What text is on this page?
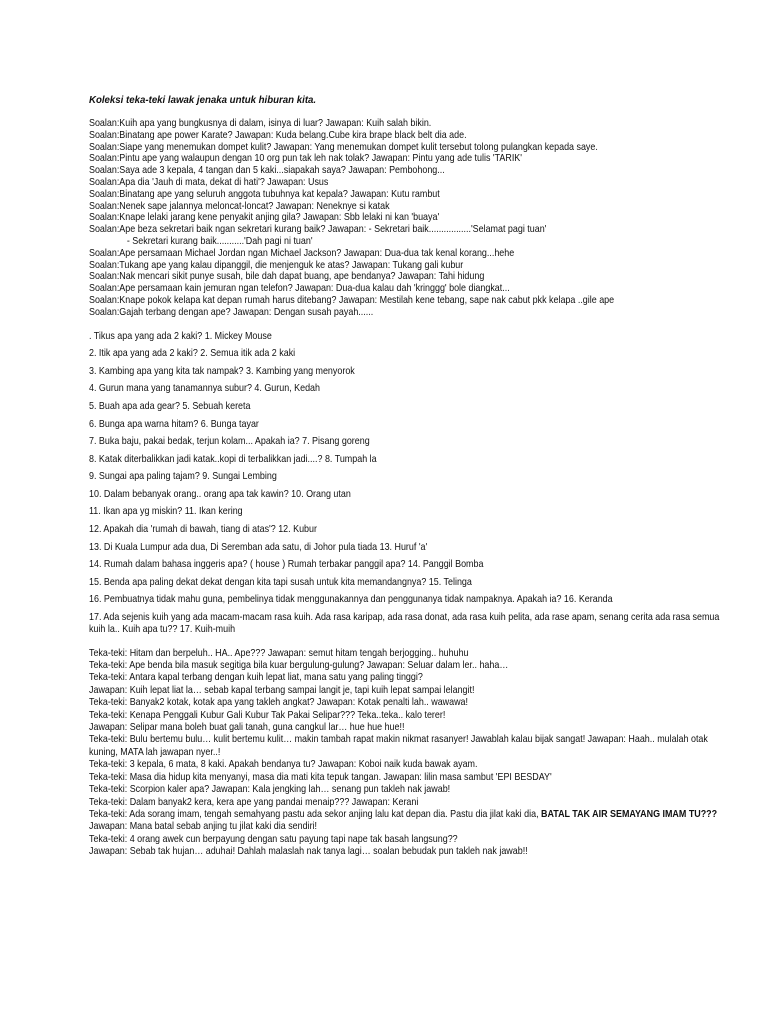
Koleksi teka-teki lawak jenaka untuk hiburan kita.
Soalan:Kuih apa yang bungkusnya di dalam, isinya di luar? Jawapan: Kuih salah bikin.
Soalan:Binatang ape power Karate? Jawapan: Kuda belang.Cube kira brape black belt dia ade.
Soalan:Siape yang menemukan dompet kulit? Jawapan: Yang menemukan dompet kulit tersebut tolong pulangkan kepada saye.
Soalan:Pintu ape yang walaupun dengan 10 org pun tak leh nak tolak? Jawapan: Pintu yang ade tulis 'TARIK'
Soalan:Saya ade 3 kepala, 4 tangan dan 5 kaki...siapakah saya? Jawapan: Pembohong...
Soalan:Apa dia 'Jauh di mata, dekat di hati'? Jawapan: Usus
Soalan:Binatang ape yang seluruh anggota tubuhnya kat kepala? Jawapan: Kutu rambut
Soalan:Nenek sape jalannya meloncat-loncat? Jawapan: Neneknye si katak
Soalan:Knape lelaki jarang kene penyakit anjing gila? Jawapan: Sbb lelaki ni kan 'buaya'
Soalan:Ape beza sekretari baik ngan sekretari kurang baik? Jawapan: - Sekretari baik.................'Selamat pagi tuan'
- Sekretari kurang baik...........'Dah pagi ni tuan'
Soalan:Ape persamaan Michael Jordan ngan Michael Jackson? Jawapan: Dua-dua tak kenal korang...hehe
Soalan:Tukang ape yang kalau dipanggil, die menjenguk ke atas? Jawapan: Tukang gali kubur
Soalan:Nak mencari sikit punye susah, bile dah dapat buang, ape bendanya? Jawapan: Tahi hidung
Soalan:Ape persamaan kain jemuran ngan telefon? Jawapan: Dua-dua kalau dah 'kringgg' bole diangkat...
Soalan:Knape pokok kelapa kat depan rumah harus ditebang? Jawapan: Mestilah kene tebang, sape nak cabut pkk kelapa ..gile ape
Soalan:Gajah terbang dengan ape? Jawapan: Dengan susah payah......
. Tikus apa yang ada 2 kaki? 1. Mickey Mouse
2. Itik apa yang ada 2 kaki? 2. Semua itik ada 2 kaki
3. Kambing apa yang kita tak nampak? 3. Kambing yang menyorok
4. Gurun mana yang tanamannya subur? 4. Gurun, Kedah
5. Buah apa ada gear? 5. Sebuah kereta
6. Bunga apa warna hitam? 6. Bunga tayar
7. Buka baju, pakai bedak, terjun kolam... Apakah ia? 7. Pisang goreng
8. Katak diterbalikkan jadi katak..kopi di terbalikkan jadi....? 8. Tumpah la
9. Sungai apa paling tajam? 9. Sungai Lembing
10. Dalam bebanyak orang.. orang apa tak kawin? 10. Orang utan
11. Ikan apa yg miskin? 11. Ikan kering
12. Apakah dia 'rumah di bawah, tiang di atas'? 12. Kubur
13. Di Kuala Lumpur ada dua, Di Seremban ada satu, di Johor pula tiada 13. Huruf 'a'
14. Rumah dalam bahasa inggeris apa? ( house ) Rumah terbakar panggil apa? 14. Panggil Bomba
15. Benda apa paling dekat dekat dengan kita tapi susah untuk kita memandangnya? 15. Telinga
16. Pembuatnya tidak mahu guna, pembelinya tidak menggunakannya dan penggunanya tidak nampaknya. Apakah ia? 16. Keranda
17. Ada sejenis kuih yang ada macam-macam rasa kuih. Ada rasa karipap, ada rasa donat, ada rasa kuih pelita, ada rase apam, senang cerita ada rasa semua kuih la.. Kuih apa tu?? 17. Kuih-muih
Teka-teki: Hitam dan berpeluh.. HA.. Ape??? Jawapan: semut hitam tengah berjogging.. huhuhu
Teka-teki: Ape benda bila masuk segitiga bila kuar bergulung-gulung? Jawapan: Seluar dalam ler.. haha…
Teka-teki: Antara kapal terbang dengan kuih lepat liat, mana satu yang paling tinggi?
Jawapan: Kuih lepat liat la… sebab kapal terbang sampai langit je, tapi kuih lepat sampai lelangit!
Teka-teki: Banyak2 kotak, kotak apa yang takleh angkat? Jawapan: Kotak penalti lah.. wawawa!
Teka-teki: Kenapa Penggali Kubur Gali Kubur Tak Pakai Selipar??? Teka..teka.. kalo terer!
Jawapan: Selipar mana boleh buat gali tanah, guna cangkul lar… hue hue hue!!
Teka-teki: Bulu bertemu bulu… kulit bertemu kulit… makin tambah rapat makin nikmat rasanyer! Jawablah kalau bijak sangat! Jawapan: Haah.. mulalah otak kuning, MATA lah jawapan nyer..!
Teka-teki: 3 kepala, 6 mata, 8 kaki. Apakah bendanya tu? Jawapan: Koboi naik kuda bawak ayam.
Teka-teki: Masa dia hidup kita menyanyi, masa dia mati kita tepuk tangan. Jawapan: lilin masa sambut 'EPI BESDAY'
Teka-teki: Scorpion kaler apa? Jawapan: Kala jengking lah… senang pun takleh nak jawab!
Teka-teki: Dalam banyak2 kera, kera ape yang pandai menaip??? Jawapan: Kerani
Teka-teki: Ada sorang imam, tengah semahyang pastu ada sekor anjing lalu kat depan dia. Pastu dia jilat kaki dia, BATAL TAK AIR SEMAYANG IMAM TU???Jawapan: Mana batal sebab anjing tu jilat kaki dia sendiri!
Teka-teki: 4 orang awek cun berpayung dengan satu payung tapi nape tak basah langsung??
Jawapan: Sebab tak hujan… aduhai! Dahlah malaslah nak tanya lagi… soalan bebudak pun takleh nak jawab!!
